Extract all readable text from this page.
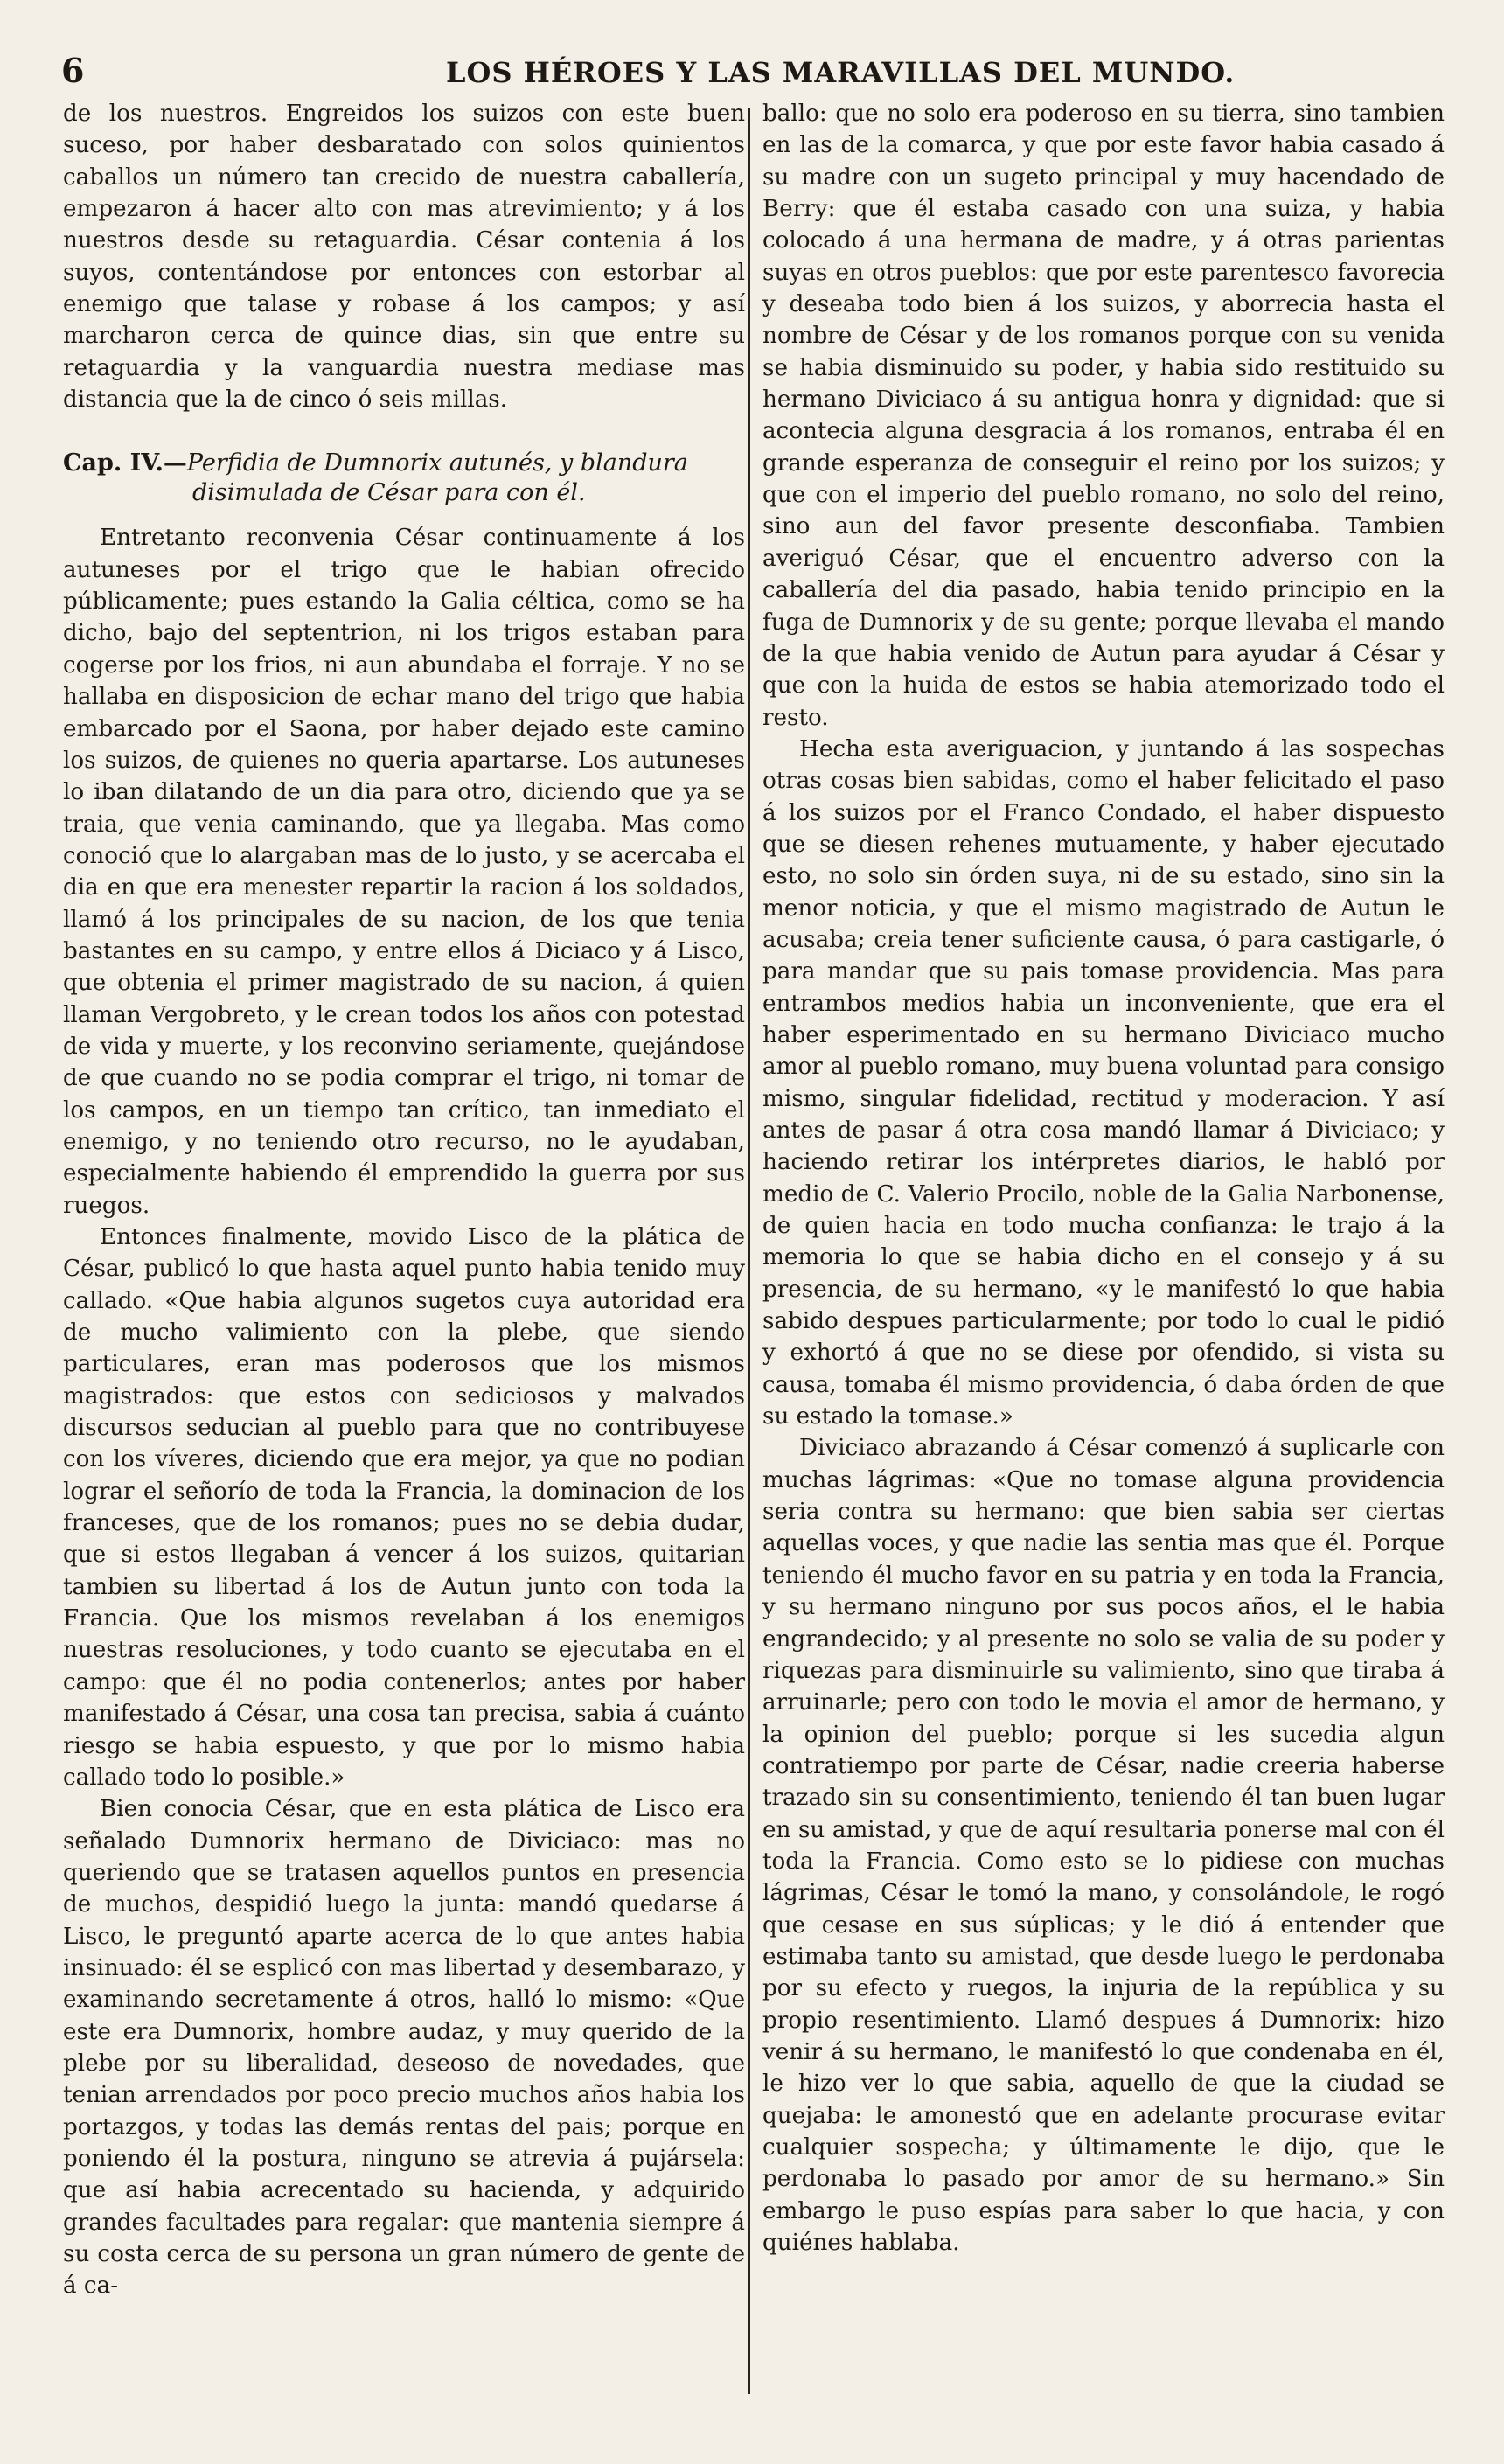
6	LOS HÉROES Y LAS MARAVILLAS DEL MUNDO.

de los nuestros. Engreidos los suizos con este buen suceso, por haber desbaratado con solos quinientos caballos un número tan crecido de nuestra caballería, empezaron á hacer alto con mas atrevimiento; y á los nuestros desde su retaguardia. César contenia á los suyos, contentándose por entonces con estorbar al enemigo que talase y robase á los campos; y así marcharon cerca de quince dias, sin que entre su retaguardia y la vanguardia nuestra mediase mas distancia que la de cinco ó seis millas.

Cap. IV.—Perfidia de Dumnorix autunés, y blandura
disimulada de César para con él.

Entretanto reconvenia César continuamente á los autuneses por el trigo que le habian ofrecido públicamente; pues estando la Galia céltica, como se ha dicho, bajo del septentrion, ni los trigos estaban para cogerse por los frios, ni aun abundaba el forraje. Y no se hallaba en disposicion de echar mano del trigo que habia embarcado por el Saona, por haber dejado este camino los suizos, de quienes no queria apartarse. Los autuneses lo iban dilatando de un dia para otro, diciendo que ya se traia, que venia caminando, que ya llegaba. Mas como conoció que lo alargaban mas de lo justo, y se acercaba el dia en que era menester repartir la racion á los soldados, llamó á los principales de su nacion, de los que tenia bastantes en su campo, y entre ellos á Diciaco y á Lisco, que obtenia el primer magistrado de su nacion, á quien llaman Vergobreto, y le crean todos los años con potestad de vida y muerte, y los reconvino seriamente, quejándose de que cuando no se podia comprar el trigo, ni tomar de los campos, en un tiempo tan crítico, tan inmediato el enemigo, y no teniendo otro recurso, no le ayudaban, especialmente habiendo él emprendido la guerra por sus ruegos.

Entonces finalmente, movido Lisco de la plática de César, publicó lo que hasta aquel punto habia tenido muy callado. «Que habia algunos sugetos cuya autoridad era de mucho valimiento con la plebe, que siendo particulares, eran mas poderosos que los mismos magistrados: que estos con sediciosos y malvados discursos seducian al pueblo para que no contribuyese con los víveres, diciendo que era mejor, ya que no podian lograr el señorío de toda la Francia, la dominacion de los franceses, que de los romanos; pues no se debia dudar, que si estos llegaban á vencer á los suizos, quitarian tambien su libertad á los de Autun junto con toda la Francia. Que los mismos revelaban á los enemigos nuestras resoluciones, y todo cuanto se ejecutaba en el campo: que él no podia contenerlos; antes por haber manifestado á César, una cosa tan precisa, sabia á cuánto riesgo se habia espuesto, y que por lo mismo habia callado todo lo posible.»

Bien conocia César, que en esta plática de Lisco era señalado Dumnorix hermano de Diviciaco: mas no queriendo que se tratasen aquellos puntos en presencia de muchos, despidió luego la junta: mandó quedarse á Lisco, le preguntó aparte acerca de lo que antes habia insinuado: él se esplicó con mas libertad y desembarazo, y examinando secretamente á otros, halló lo mismo: «Que este era Dumnorix, hombre audaz, y muy querido de la plebe por su liberalidad, deseoso de novedades, que tenian arrendados por poco precio muchos años habia los portazgos, y todas las demás rentas del pais; porque en poniendo él la postura, ninguno se atrevia á pujársela: que así habia acrecentado su hacienda, y adquirido grandes facultades para regalar: que mantenia siempre á su costa cerca de su persona un gran número de gente de á ca-

ballo: que no solo era poderoso en su tierra, sino tambien en las de la comarca, y que por este favor habia casado á su madre con un sugeto principal y muy hacendado de Berry: que él estaba casado con una suiza, y habia colocado á una hermana de madre, y á otras parientas suyas en otros pueblos: que por este parentesco favorecia y deseaba todo bien á los suizos, y aborrecia hasta el nombre de César y de los romanos porque con su venida se habia disminuido su poder, y habia sido restituido su hermano Diviciaco á su antigua honra y dignidad: que si acontecia alguna desgracia á los romanos, entraba él en grande esperanza de conseguir el reino por los suizos; y que con el imperio del pueblo romano, no solo del reino, sino aun del favor presente desconfiaba. Tambien averiguó César, que el encuentro adverso con la caballería del dia pasado, habia tenido principio en la fuga de Dumnorix y de su gente; porque llevaba el mando de la que habia venido de Autun para ayudar á César y que con la huida de estos se habia atemorizado todo el resto.

Hecha esta averiguacion, y juntando á las sospechas otras cosas bien sabidas, como el haber felicitado el paso á los suizos por el Franco Condado, el haber dispuesto que se diesen rehenes mutuamente, y haber ejecutado esto, no solo sin órden suya, ni de su estado, sino sin la menor noticia, y que el mismo magistrado de Autun le acusaba; creia tener suficiente causa, ó para castigarle, ó para mandar que su pais tomase providencia. Mas para entrambos medios habia un inconveniente, que era el haber esperimentado en su hermano Diviciaco mucho amor al pueblo romano, muy buena voluntad para consigo mismo, singular fidelidad, rectitud y moderacion. Y así antes de pasar á otra cosa mandó llamar á Diviciaco; y haciendo retirar los intérpretes diarios, le habló por medio de C. Valerio Procilo, noble de la Galia Narbonense, de quien hacia en todo mucha confianza: le trajo á la memoria lo que se habia dicho en el consejo y á su presencia, de su hermano, «y le manifestó lo que habia sabido despues particularmente; por todo lo cual le pidió y exhortó á que no se diese por ofendido, si vista su causa, tomaba él mismo providencia, ó daba órden de que su estado la tomase.»

Diviciaco abrazando á César comenzó á suplicarle con muchas lágrimas: «Que no tomase alguna providencia seria contra su hermano: que bien sabia ser ciertas aquellas voces, y que nadie las sentia mas que él. Porque teniendo él mucho favor en su patria y en toda la Francia, y su hermano ninguno por sus pocos años, el le habia engrandecido; y al presente no solo se valia de su poder y riquezas para disminuirle su valimiento, sino que tiraba á arruinarle; pero con todo le movia el amor de hermano, y la opinion del pueblo; porque si les sucedia algun contratiempo por parte de César, nadie creeria haberse trazado sin su consentimiento, teniendo él tan buen lugar en su amistad, y que de aquí resultaria ponerse mal con él toda la Francia. Como esto se lo pidiese con muchas lágrimas, César le tomó la mano, y consolándole, le rogó que cesase en sus súplicas; y le dió á entender que estimaba tanto su amistad, que desde luego le perdonaba por su efecto y ruegos, la injuria de la república y su propio resentimiento. Llamó despues á Dumnorix: hizo venir á su hermano, le manifestó lo que condenaba en él, le hizo ver lo que sabia, aquello de que la ciudad se quejaba: le amonestó que en adelante procurase evitar cualquier sospecha; y últimamente le dijo, que le perdonaba lo pasado por amor de su hermano.» Sin embargo le puso espías para saber lo que hacia, y con quiénes hablaba.
